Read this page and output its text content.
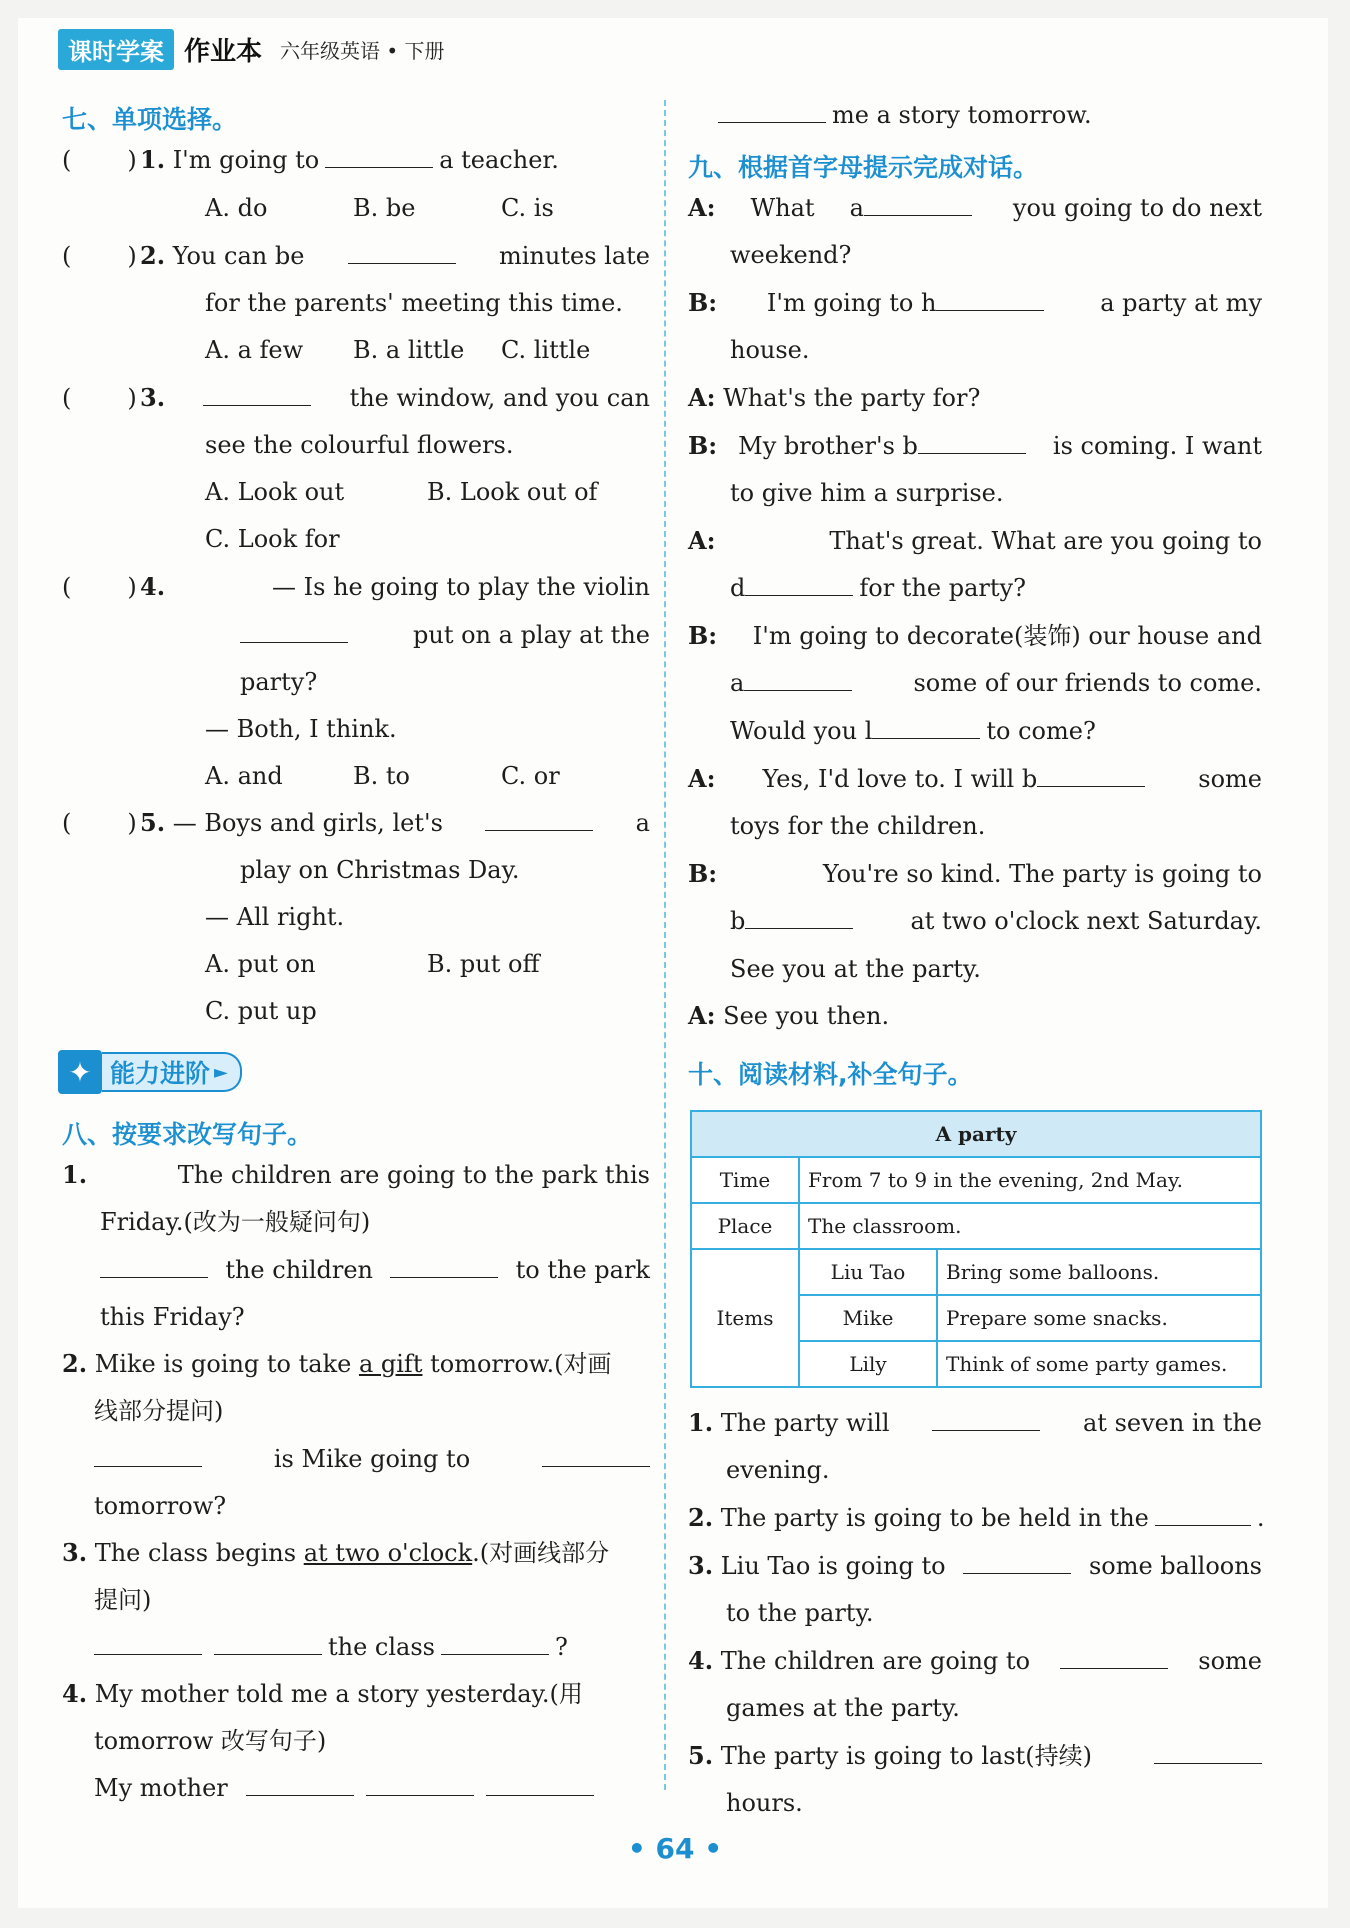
课时学案 作业本 六年级英语 • 下册
七、单项选择。
( ) 1. I'm going to	a teacher.
A. do	B. be	C. is
( ) 2. You can be	minutes late
for the parents' meeting this time.
A. a few B. a little C. little
( ) 3.	the window, and you can
see the colourful flowers.
A. Look out	B. Look out of
C. Look for
( ) 4.	— Is he going to play the violin
put on a play at the
party?
— Both, I think.
A. and	B. to	C. or
( ) 5. — Boys and girls, let's	a
play on Christmas Day.
— All right.
A. put on	B. put off
C. put up
✦ 能力进阶 ►
八、按要求改写句子。
1.	The children are going to the park this
Friday.(改为一般疑问句)
the children	to the park
this Friday?
2. Mike is going to take a gift tomorrow.(对画
线部分提问)
is Mike going to
tomorrow?
3. The class begins at two o'clock.(对画线部分
提问)
the class	?
4. My mother told me a story yesterday.(用
tomorrow 改写句子)
My mother
me a story tomorrow.
九、根据首字母提示完成对话。
A: What a	you going to do next
weekend?
B: I'm going to h	a party at my
house.
A: What's the party for?
B: My brother's b	is coming. I want
to give him a surprise.
A:	That's great. What are you going to
d	for the party?
B: I'm going to decorate(装饰) our house and
a	some of our friends to come.
Would you l	to come?
A: Yes, I'd love to. I will b	some
toys for the children.
B:	You're so kind. The party is going to
b	at two o'clock next Saturday.
See you at the party.
A: See you then.
十、阅读材料,补全句子。
A party		
Time	From 7 to 9 in the evening, 2nd May.	
Place	The classroom.	
Items	Liu Tao	Bring some balloons.
	Mike	Prepare some snacks.
	Lily	Think of some party games.
1. The party will	at seven in the
evening.
2. The party is going to be held in the	.
3. Liu Tao is going to	some balloons
to the party.
4. The children are going to	some
games at the party.
5. The party is going to last(持续)
hours.
• 64 •
